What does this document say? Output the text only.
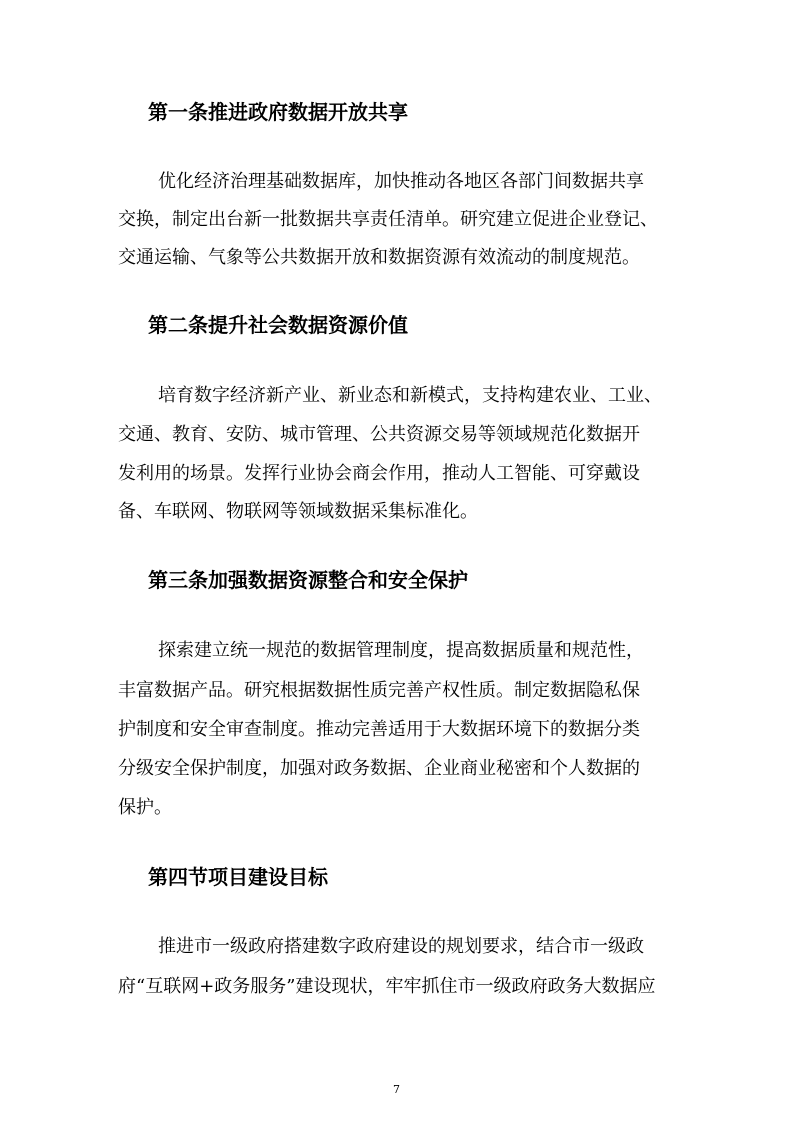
第一条推进政府数据开放共享

优化经济治理基础数据库，加快推动各地区各部门间数据共享

交换，制定出台新一批数据共享责任清单。研究建立促进企业登记、

交通运输、气象等公共数据开放和数据资源有效流动的制度规范。

第二条提升社会数据资源价值

培育数字经济新产业、新业态和新模式，支持构建农业、工业、

交通、教育、安防、城市管理、公共资源交易等领域规范化数据开

发利用的场景。发挥行业协会商会作用，推动人工智能、可穿戴设

备、车联网、物联网等领域数据采集标准化。

第三条加强数据资源整合和安全保护

探索建立统一规范的数据管理制度，提高数据质量和规范性，

丰富数据产品。研究根据数据性质完善产权性质。制定数据隐私保

护制度和安全审查制度。推动完善适用于大数据环境下的数据分类

分级安全保护制度，加强对政务数据、企业商业秘密和个人数据的

保护。

第四节项目建设目标

推进市一级政府搭建数字政府建设的规划要求，结合市一级政

府“互联网+政务服务”建设现状，牢牢抓住市一级政府政务大数据应

7
